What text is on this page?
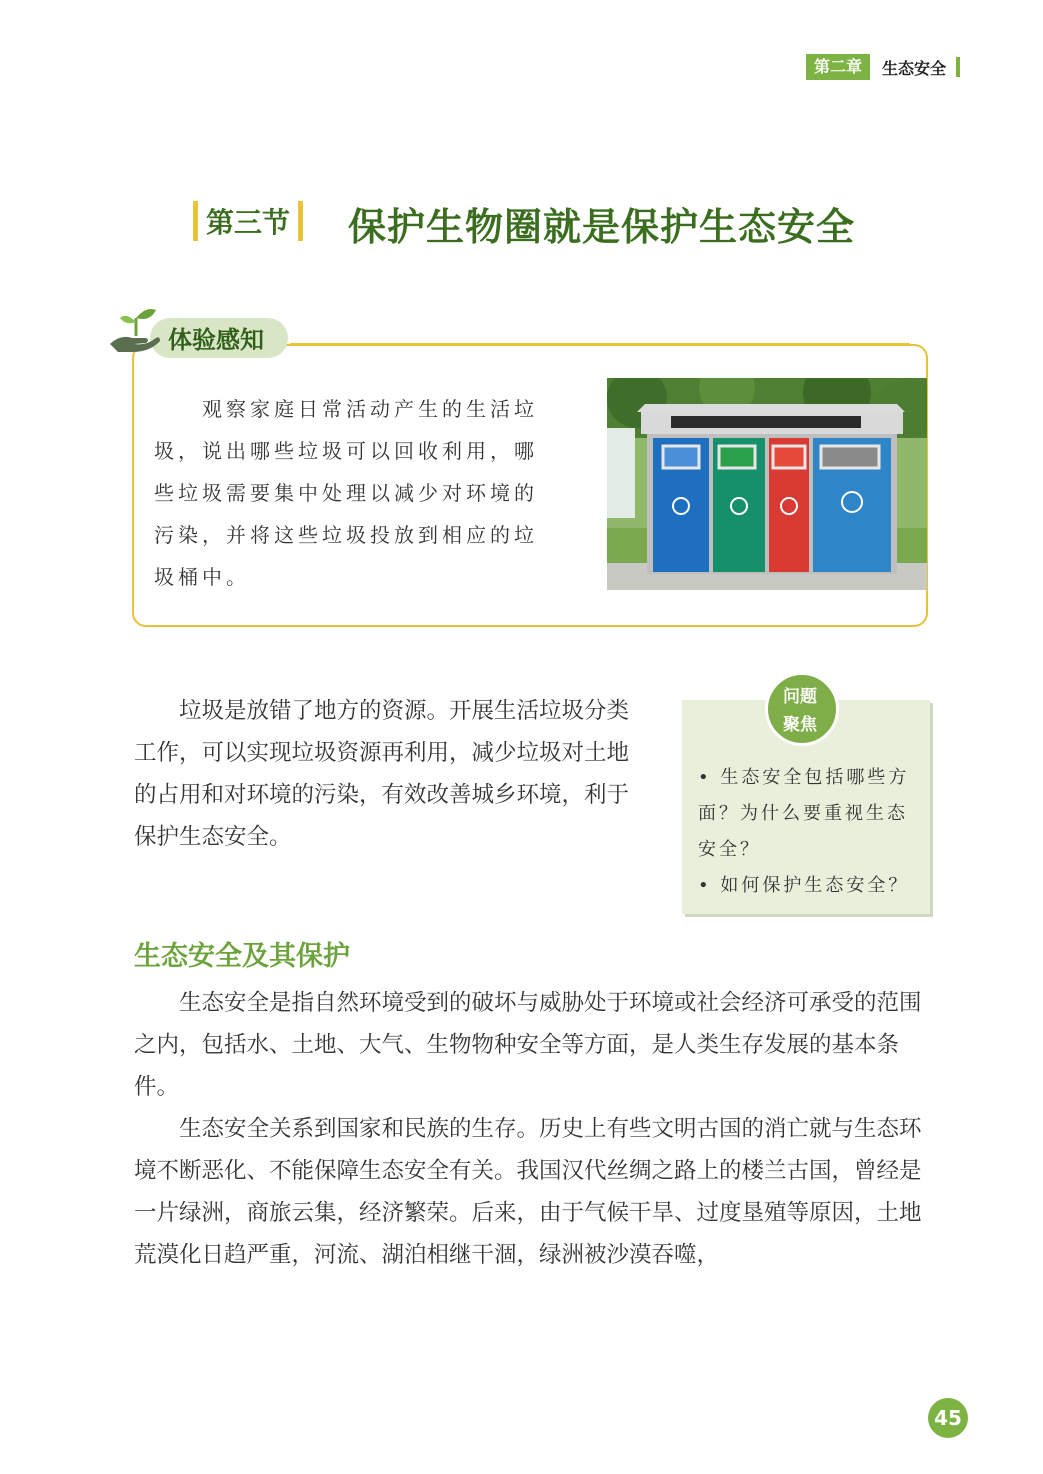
第二章	生态安全
第三节 保护生物圈就是保护生态安全
体验感知
观察家庭日常活动产生的生活垃圾，说出哪些垃圾可以回收利用，哪些垃圾需要集中处理以减少对环境的污染，并将这些垃圾投放到相应的垃圾桶中。
垃圾是放错了地方的资源。开展生活垃圾分类工作，可以实现垃圾资源再利用，减少垃圾对土地的占用和对环境的污染，有效改善城乡环境，利于保护生态安全。
问题
聚焦
• 生态安全包括哪些方面？为什么要重视生态安全？
• 如何保护生态安全？
生态安全及其保护
生态安全是指自然环境受到的破坏与威胁处于环境或社会经济可承受的范围之内，包括水、土地、大气、生物物种安全等方面，是人类生存发展的基本条件。
生态安全关系到国家和民族的生存。历史上有些文明古国的消亡就与生态环境不断恶化、不能保障生态安全有关。我国汉代丝绸之路上的楼兰古国，曾经是一片绿洲，商旅云集，经济繁荣。后来，由于气候干旱、过度垦殖等原因，土地荒漠化日趋严重，河流、湖泊相继干涸，绿洲被沙漠吞噬，
45
